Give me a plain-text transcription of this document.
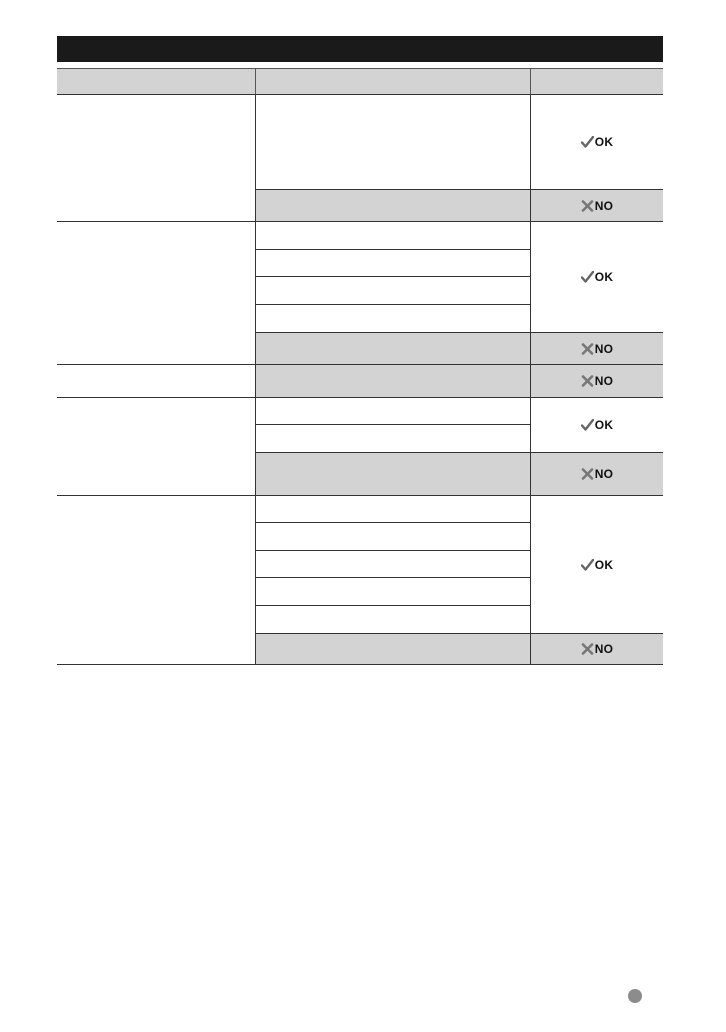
OK
NO
OK
NO
NO
OK
NO
OK
NO
